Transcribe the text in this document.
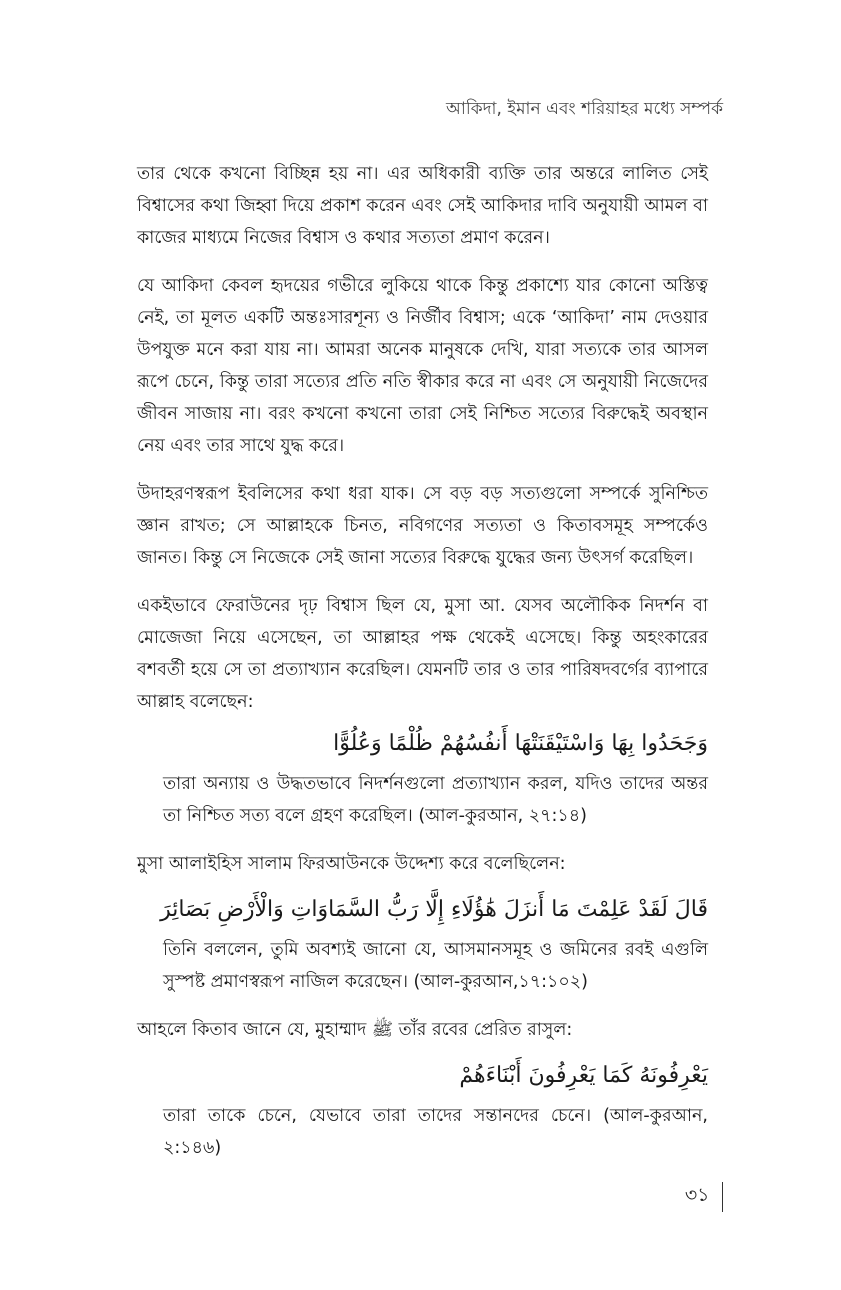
আকিদা, ইমান এবং শরিয়াহর মধ্যে সম্পর্ক

তার থেকে কখনো বিচ্ছিন্ন হয় না। এর অধিকারী ব্যক্তি তার অন্তরে লালিত সেই বিশ্বাসের কথা জিহ্বা দিয়ে প্রকাশ করেন এবং সেই আকিদার দাবি অনুযায়ী আমল বা কাজের মাধ্যমে নিজের বিশ্বাস ও কথার সত্যতা প্রমাণ করেন।

যে আকিদা কেবল হৃদয়ের গভীরে লুকিয়ে থাকে কিন্তু প্রকাশ্যে যার কোনো অস্তিত্ব নেই, তা মূলত একটি অন্তঃসারশূন্য ও নির্জীব বিশ্বাস; একে ‘আকিদা’ নাম দেওয়ার উপযুক্ত মনে করা যায় না। আমরা অনেক মানুষকে দেখি, যারা সত্যকে তার আসল রূপে চেনে, কিন্তু তারা সত্যের প্রতি নতি স্বীকার করে না এবং সে অনুযায়ী নিজেদের জীবন সাজায় না। বরং কখনো কখনো তারা সেই নিশ্চিত সত্যের বিরুদ্ধেই অবস্থান নেয় এবং তার সাথে যুদ্ধ করে।

উদাহরণস্বরূপ ইবলিসের কথা ধরা যাক। সে বড় বড় সত্যগুলো সম্পর্কে সুনিশ্চিত জ্ঞান রাখত; সে আল্লাহকে চিনত, নবিগণের সত্যতা ও কিতাবসমূহ সম্পর্কেও জানত। কিন্তু সে নিজেকে সেই জানা সত্যের বিরুদ্ধে যুদ্ধের জন্য উৎসর্গ করেছিল।

একইভাবে ফেরাউনের দৃঢ় বিশ্বাস ছিল যে, মুসা আ. যেসব অলৌকিক নিদর্শন বা মোজেজা নিয়ে এসেছেন, তা আল্লাহর পক্ষ থেকেই এসেছে। কিন্তু অহংকারের বশবর্তী হয়ে সে তা প্রত্যাখ্যান করেছিল। যেমনটি তার ও তার পারিষদবর্গের ব্যাপারে আল্লাহ বলেছেন:

وَجَحَدُوا بِهَا وَاسْتَيْقَنَتْهَا أَنفُسُهُمْ ظُلْمًا وَعُلُوًّا
তারা অন্যায় ও উদ্ধতভাবে নিদর্শনগুলো প্রত্যাখ্যান করল, যদিও তাদের অন্তর তা নিশ্চিত সত্য বলে গ্রহণ করেছিল। (আল-কুরআন, ২৭:১৪)

মুসা আলাইহিস সালাম ফিরআউনকে উদ্দেশ্য করে বলেছিলেন:

قَالَ لَقَدْ عَلِمْتَ مَا أَنزَلَ هَٰؤُلَاءِ إِلَّا رَبُّ السَّمَاوَاتِ وَالْأَرْضِ بَصَائِرَ
তিনি বললেন, তুমি অবশ্যই জানো যে, আসমানসমূহ ও জমিনের রবই এগুলি সুস্পষ্ট প্রমাণস্বরূপ নাজিল করেছেন। (আল-কুরআন,১৭:১০২)

আহলে কিতাব জানে যে, মুহাম্মাদ ﷺ তাঁর রবের প্রেরিত রাসুল:

يَعْرِفُونَهُ كَمَا يَعْرِفُونَ أَبْنَاءَهُمْ
তারা তাকে চেনে, যেভাবে তারা তাদের সন্তানদের চেনে। (আল-কুরআন, ২:১৪৬)
৩১
